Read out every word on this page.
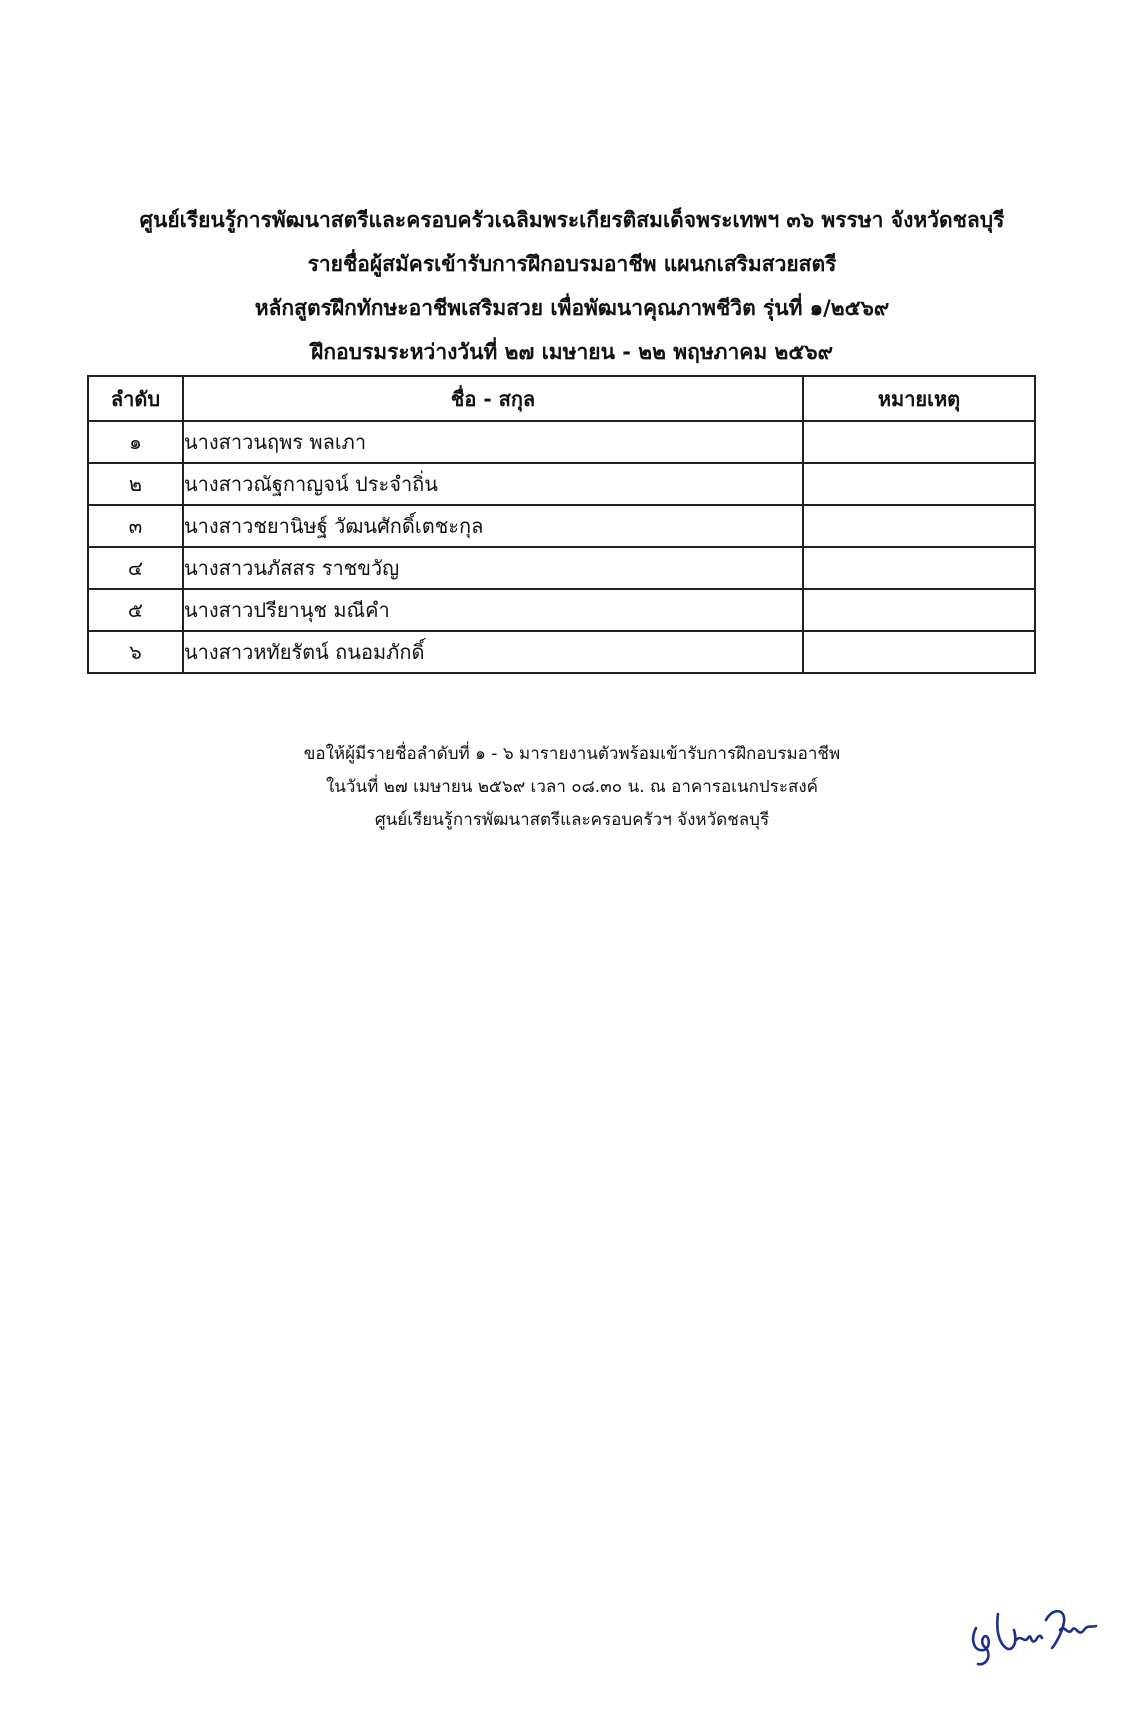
ศูนย์เรียนรู้การพัฒนาสตรีและครอบครัวเฉลิมพระเกียรติสมเด็จพระเทพฯ ๓๖ พรรษา จังหวัดชลบุรี
รายชื่อผู้สมัครเข้ารับการฝึกอบรมอาชีพ แผนกเสริมสวยสตรี
หลักสูตรฝึกทักษะอาชีพเสริมสวย เพื่อพัฒนาคุณภาพชีวิต รุ่นที่ ๑/๒๕๖๙
ฝึกอบรมระหว่างวันที่ ๒๗ เมษายน - ๒๒ พฤษภาคม ๒๕๖๙
ลำดับ	ชื่อ - สกุล	หมายเหตุ
๑	นางสาวนฤพร พลเภา	
๒	นางสาวณัฐกาญจน์ ประจำถิ่น	
๓	นางสาวชยานิษฐ์ วัฒนศักดิ์เตชะกุล	
๔	นางสาวนภัสสร ราชขวัญ	
๕	นางสาวปรียานุช มณีคำ	
๖	นางสาวหทัยรัตน์ ถนอมภักดิ์	
ขอให้ผู้มีรายชื่อลำดับที่ ๑ - ๖ มารายงานตัวพร้อมเข้ารับการฝึกอบรมอาชีพ
ในวันที่ ๒๗ เมษายน ๒๕๖๙ เวลา ๐๘.๓๐ น. ณ อาคารอเนกประสงค์
ศูนย์เรียนรู้การพัฒนาสตรีและครอบครัวฯ จังหวัดชลบุรี
